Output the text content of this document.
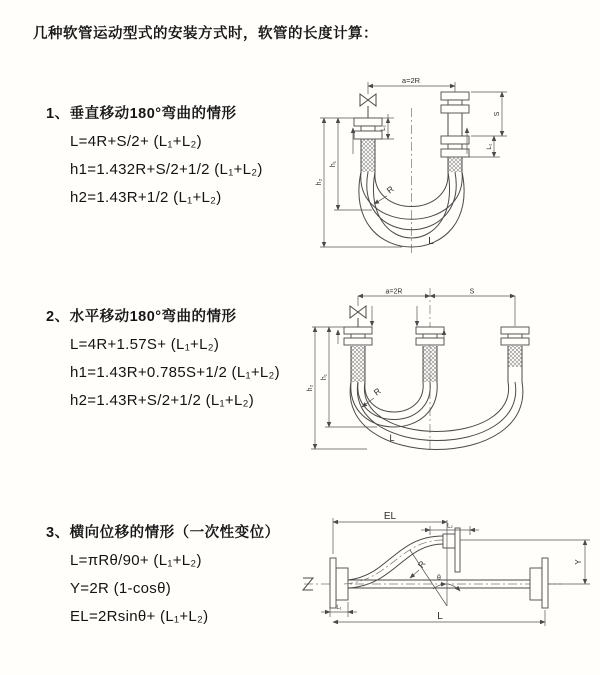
几种软管运动型式的安装方式时，软管的长度计算：
1、垂直移动180°弯曲的情形
L=4R+S/2+ (L₁+L₂)
h1=1.432R+S/2+1/2 (L₁+L₂)
h2=1.43R+1/2 (L₁+L₂)
2、水平移动180°弯曲的情形
L=4R+1.57S+ (L₁+L₂)
h1=1.43R+0.785S+1/2 (L₁+L₂)
h2=1.43R+S/2+1/2 (L₁+L₂)
3、横向位移的情形（一次性变位）
L=πRθ/90+ (L₁+L₂)
Y=2R (1-cosθ)
EL=2Rsinθ+ (L₁+L₂)
a=2R
S
L₂
L₁
h₁
h₂
R
L
a=2R	S
h₁
h₂	R
L
θ
R
EL
L₂
Y
L₁
L
